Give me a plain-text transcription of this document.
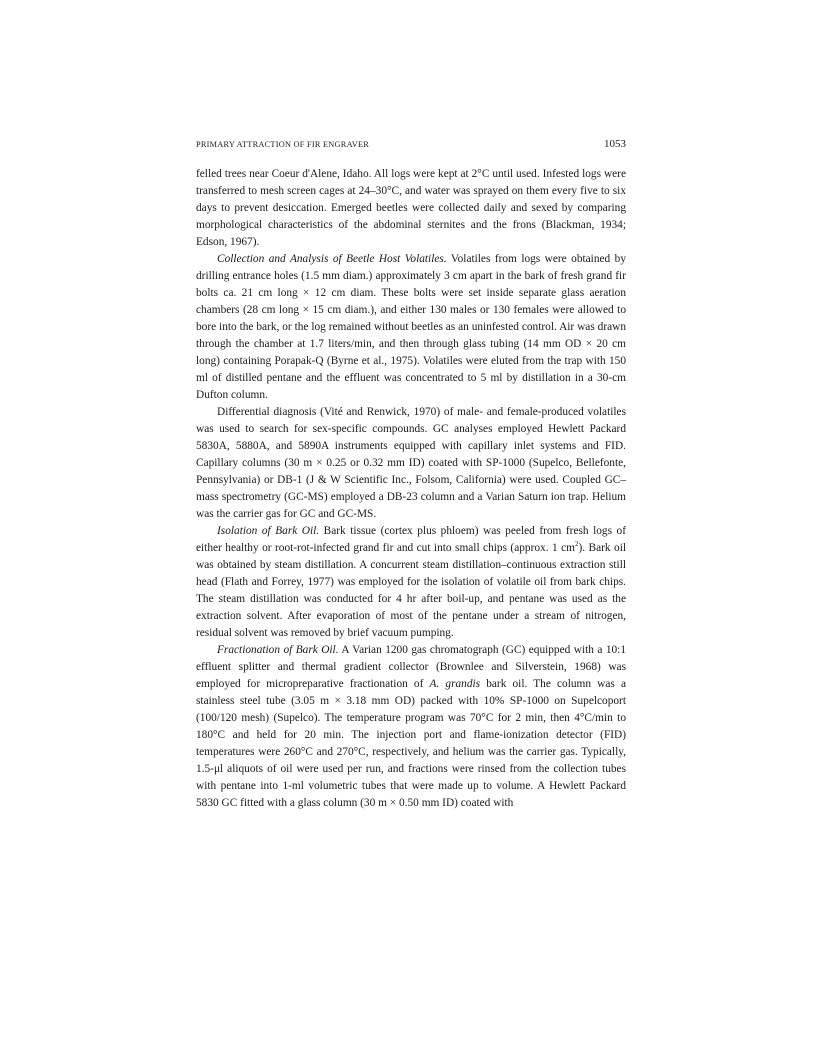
PRIMARY ATTRACTION OF FIR ENGRAVER	1053

felled trees near Coeur d'Alene, Idaho. All logs were kept at 2°C until used. Infested logs were transferred to mesh screen cages at 24–30°C, and water was sprayed on them every five to six days to prevent desiccation. Emerged beetles were collected daily and sexed by comparing morphological characteristics of the abdominal sternites and the frons (Blackman, 1934; Edson, 1967).

Collection and Analysis of Beetle Host Volatiles. Volatiles from logs were obtained by drilling entrance holes (1.5 mm diam.) approximately 3 cm apart in the bark of fresh grand fir bolts ca. 21 cm long × 12 cm diam. These bolts were set inside separate glass aeration chambers (28 cm long × 15 cm diam.), and either 130 males or 130 females were allowed to bore into the bark, or the log remained without beetles as an uninfested control. Air was drawn through the chamber at 1.7 liters/min, and then through glass tubing (14 mm OD × 20 cm long) containing Porapak-Q (Byrne et al., 1975). Volatiles were eluted from the trap with 150 ml of distilled pentane and the effluent was concentrated to 5 ml by distillation in a 30-cm Dufton column.

Differential diagnosis (Vité and Renwick, 1970) of male- and female-produced volatiles was used to search for sex-specific compounds. GC analyses employed Hewlett Packard 5830A, 5880A, and 5890A instruments equipped with capillary inlet systems and FID. Capillary columns (30 m × 0.25 or 0.32 mm ID) coated with SP-1000 (Supelco, Bellefonte, Pennsylvania) or DB-1 (J & W Scientific Inc., Folsom, California) were used. Coupled GC–mass spectrometry (GC-MS) employed a DB-23 column and a Varian Saturn ion trap. Helium was the carrier gas for GC and GC-MS.

Isolation of Bark Oil. Bark tissue (cortex plus phloem) was peeled from fresh logs of either healthy or root-rot-infected grand fir and cut into small chips (approx. 1 $cm^2$). Bark oil was obtained by steam distillation. A concurrent steam distillation–continuous extraction still head (Flath and Forrey, 1977) was employed for the isolation of volatile oil from bark chips. The steam distillation was conducted for 4 hr after boil-up, and pentane was used as the extraction solvent. After evaporation of most of the pentane under a stream of nitrogen, residual solvent was removed by brief vacuum pumping.

Fractionation of Bark Oil. A Varian 1200 gas chromatograph (GC) equipped with a 10:1 effluent splitter and thermal gradient collector (Brownlee and Silverstein, 1968) was employed for micropreparative fractionation of A. grandis bark oil. The column was a stainless steel tube (3.05 m × 3.18 mm OD) packed with 10% SP-1000 on Supelcoport (100/120 mesh) (Supelco). The temperature program was 70°C for 2 min, then 4°C/min to 180°C and held for 20 min. The injection port and flame-ionization detector (FID) temperatures were 260°C and 270°C, respectively, and helium was the carrier gas. Typically, 1.5-μl aliquots of oil were used per run, and fractions were rinsed from the collection tubes with pentane into 1-ml volumetric tubes that were made up to volume. A Hewlett Packard 5830 GC fitted with a glass column (30 m × 0.50 mm ID) coated with
